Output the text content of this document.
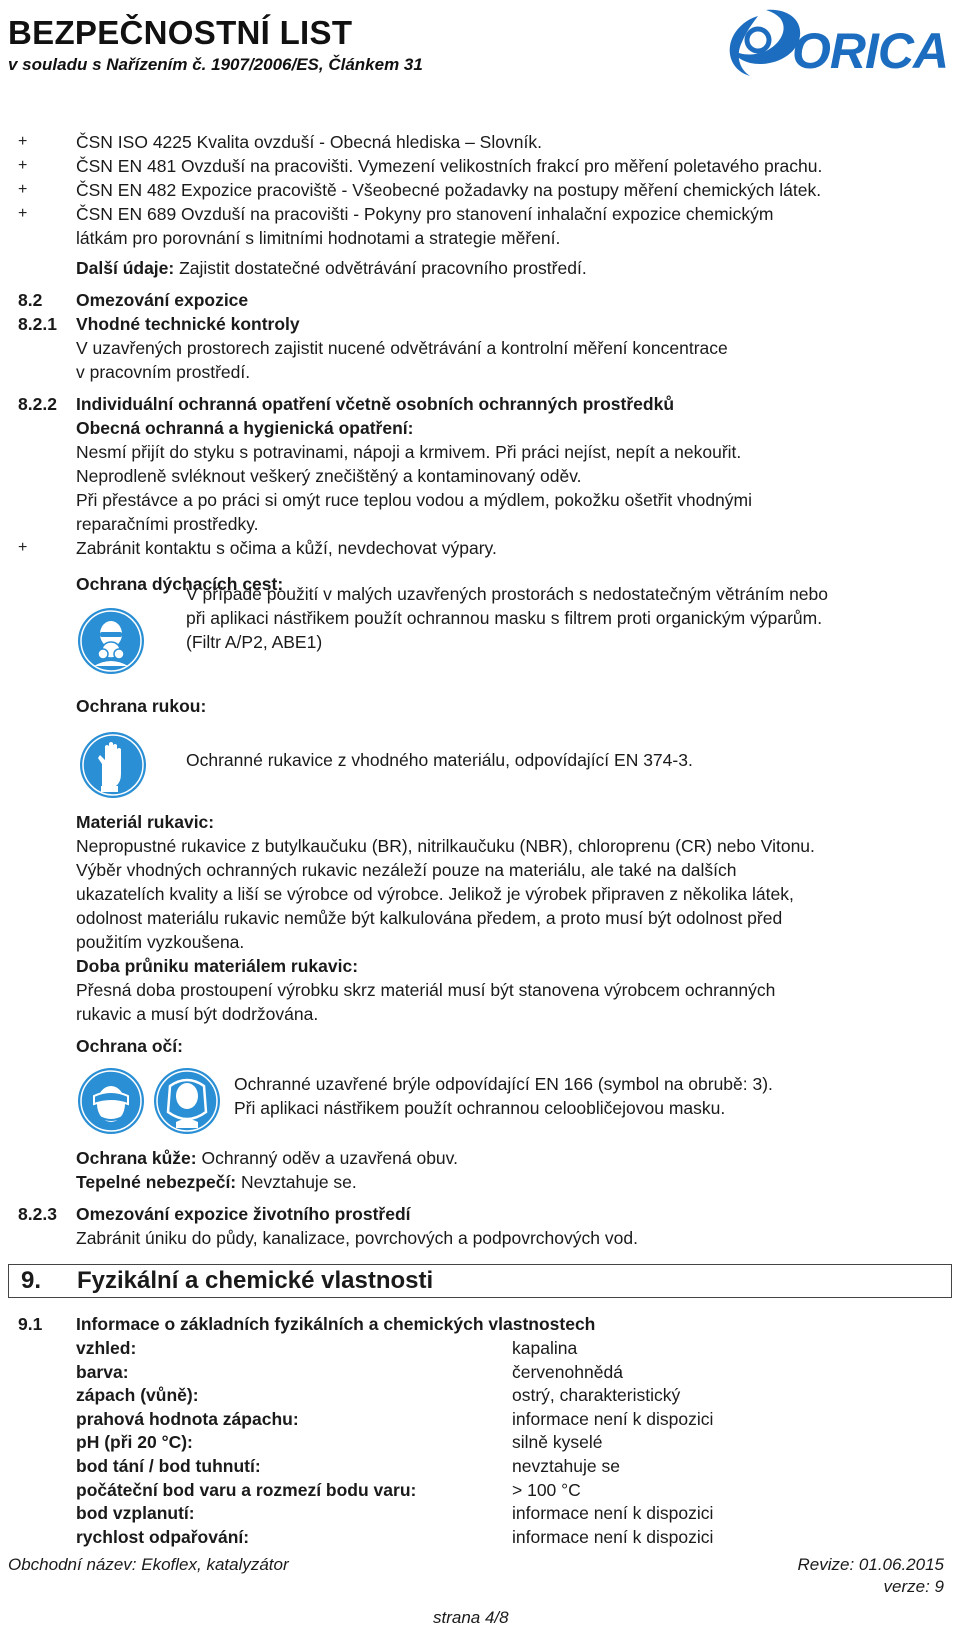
BEZPEČNOSTNÍ LIST
v souladu s Nařízením č. 1907/2006/ES, Článkem 31	ORICA
+	ČSN ISO 4225 Kvalita ovzduší - Obecná hlediska – Slovník.
+	ČSN EN 481 Ovzduší na pracovišti. Vymezení velikostních frakcí pro měření poletavého prachu.
+	ČSN EN 482 Expozice pracoviště - Všeobecné požadavky na postupy měření chemických látek.
+	ČSN EN 689 Ovzduší na pracovišti - Pokyny pro stanovení inhalační expozice chemickým
látkám pro porovnání s limitními hodnotami a strategie měření.
Další údaje: Zajistit dostatečné odvětrávání pracovního prostředí.
8.2 Omezování expozice
8.2.1 Vhodné technické kontroly
V uzavřených prostorech zajistit nucené odvětrávání a kontrolní měření koncentrace
v pracovním prostředí.
8.2.2 Individuální ochranná opatření včetně osobních ochranných prostředků
Obecná ochranná a hygienická opatření:
Nesmí přijít do styku s potravinami, nápoji a krmivem. Při práci nejíst, nepít a nekouřit.
Neprodleně svléknout veškerý znečištěný a kontaminovaný oděv.
Při přestávce a po práci si omýt ruce teplou vodou a mýdlem, pokožku ošetřit vhodnými
reparačními prostředky.
+	Zabránit kontaktu s očima a kůží, nevdechovat výpary.
Ochrana dýchacích cest:
V případě použití v malých uzavřených prostorách s nedostatečným větráním nebo
při aplikaci nástřikem použít ochrannou masku s filtrem proti organickým výparům.
(Filtr A/P2, ABE1)
Ochrana rukou:
Ochranné rukavice z vhodného materiálu, odpovídající EN 374-3.
Materiál rukavic:
Nepropustné rukavice z butylkaučuku (BR), nitrilkaučuku (NBR), chloroprenu (CR) nebo Vitonu.
Výběr vhodných ochranných rukavic nezáleží pouze na materiálu, ale také na dalších
ukazatelích kvality a liší se výrobce od výrobce. Jelikož je výrobek připraven z několika látek,
odolnost materiálu rukavic nemůže být kalkulována předem, a proto musí být odolnost před
použitím vyzkoušena.
Doba průniku materiálem rukavic:
Přesná doba prostoupení výrobku skrz materiál musí být stanovena výrobcem ochranných
rukavic a musí být dodržována.
Ochrana očí:
Ochranné uzavřené brýle odpovídající EN 166 (symbol na obrubě: 3).
Při aplikaci nástřikem použít ochrannou celoobličejovou masku.
Ochrana kůže: Ochranný oděv a uzavřená obuv.
Tepelné nebezpečí: Nevztahuje se.
8.2.3 Omezování expozice životního prostředí
Zabránit úniku do půdy, kanalizace, povrchových a podpovrchových vod.
9. Fyzikální a chemické vlastnosti
9.1 Informace o základních fyzikálních a chemických vlastnostech
vzhled:	kapalina
barva:	červenohnědá
zápach (vůně):	ostrý, charakteristický
prahová hodnota zápachu:	informace není k dispozici
pH (při 20 °C):	silně kyselé
bod tání / bod tuhnutí:	nevztahuje se
počáteční bod varu a rozmezí bodu varu:	> 100 °C
bod vzplanutí:	informace není k dispozici
rychlost odpařování:	informace není k dispozici
Obchodní název: Ekoflex, katalyzátor	Revize: 01.06.2015
verze: 9
strana 4/8
